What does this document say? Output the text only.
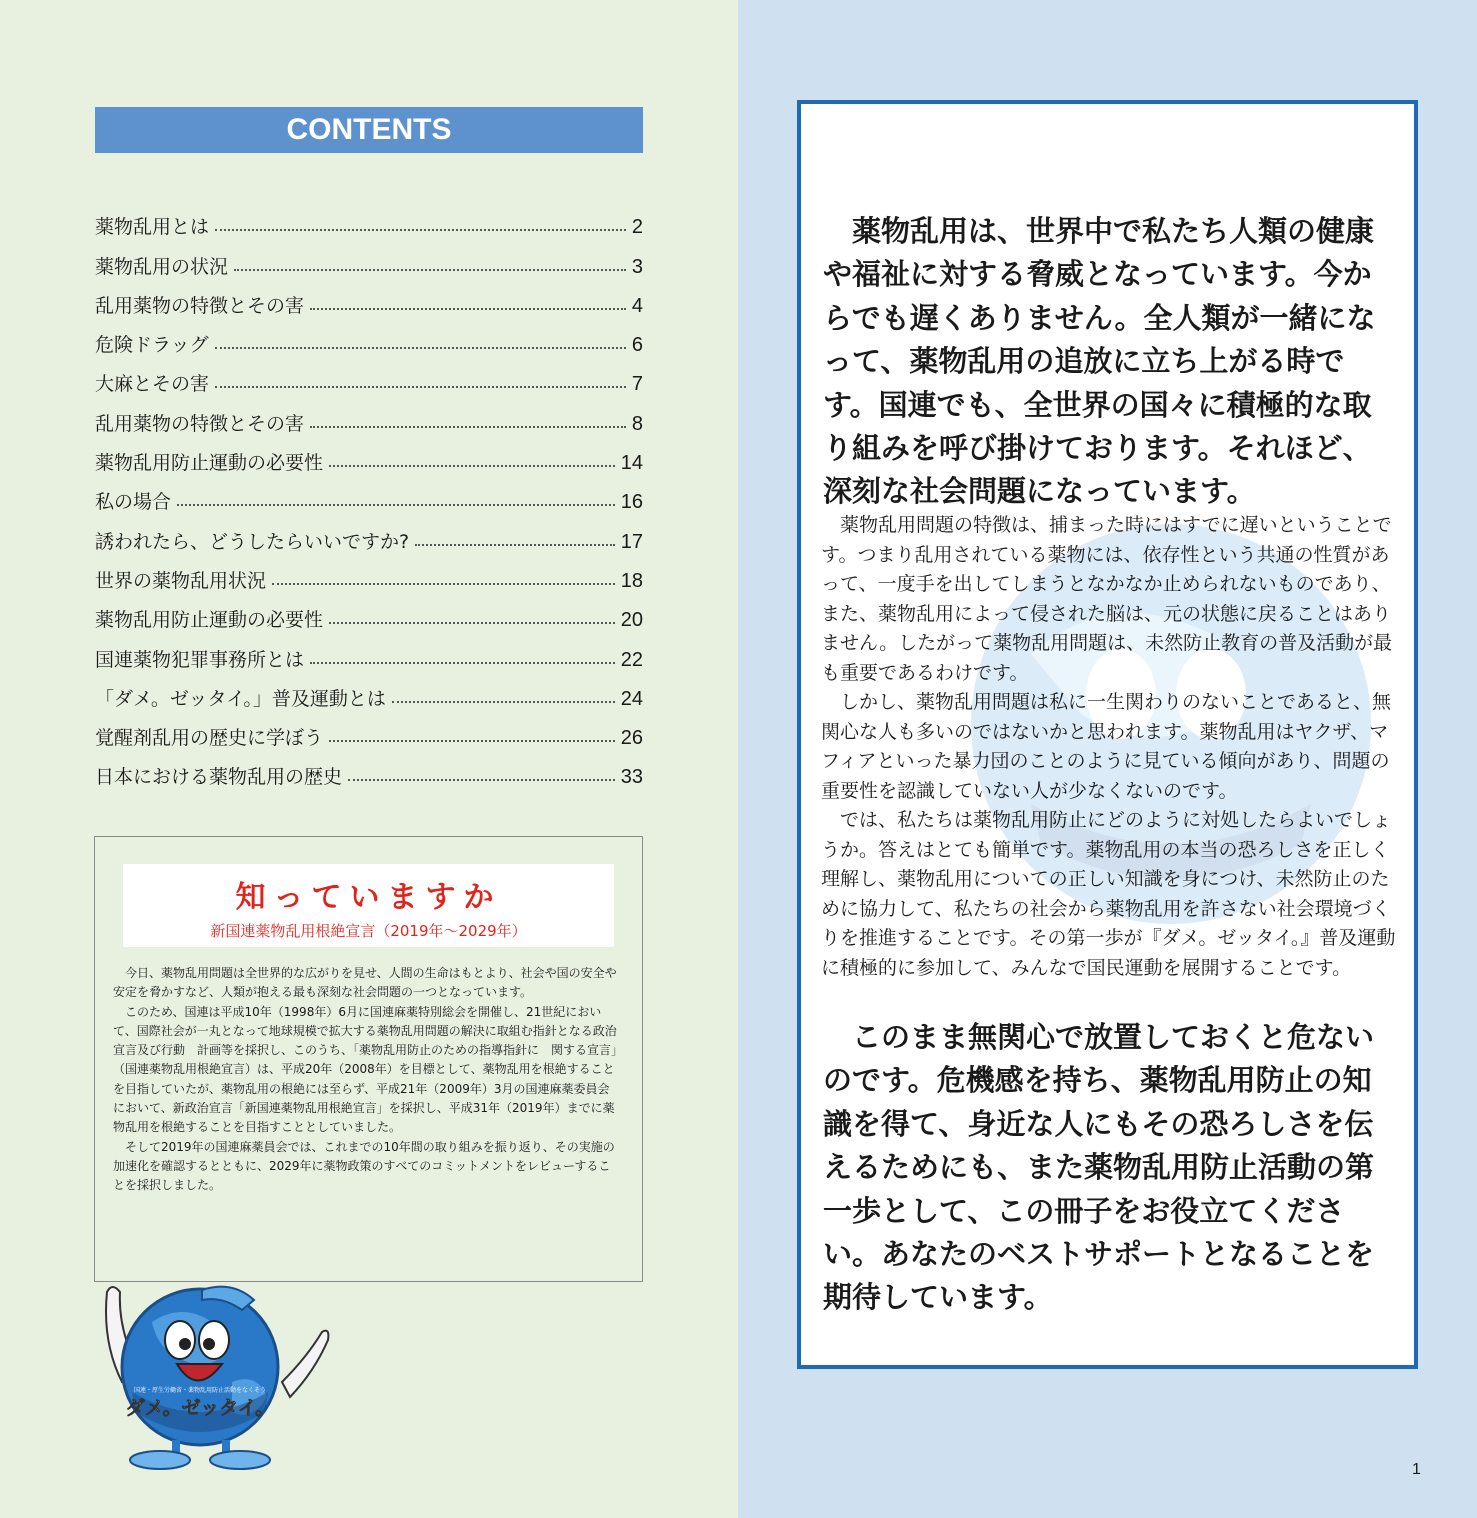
CONTENTS
薬物乱用とは	2
薬物乱用の状況	3
乱用薬物の特徴とその害	4
危険ドラッグ	6
大麻とその害	7
乱用薬物の特徴とその害	8
薬物乱用防止運動の必要性	14
私の場合	16
誘われたら、どうしたらいいですか?	17
世界の薬物乱用状況	18
薬物乱用防止運動の必要性	20
国連薬物犯罪事務所とは	22
「ダメ。ゼッタイ。」普及運動とは	24
覚醒剤乱用の歴史に学ぼう	26
日本における薬物乱用の歴史	33
知っていますか
新国連薬物乱用根絶宣言（2019年～2029年）

今日、薬物乱用問題は全世界的な広がりを見せ、人間の生命はもとより、社会や国の安全や安定を脅かすなど、人類が抱える最も深刻な社会問題の一つとなっています。

このため、国連は平成10年（1998年）6月に国連麻薬特別総会を開催し、21世紀において、国際社会が一丸となって地球規模で拡大する薬物乱用問題の解決に取組む指針となる政治宣言及び行動　計画等を採択し、このうち、「薬物乱用防止のための指導指針に　関する宣言」（国連薬物乱用根絶宣言）は、平成20年（2008年）を目標として、薬物乱用を根絶することを目指していたが、薬物乱用の根絶には至らず、平成21年（2009年）3月の国連麻薬委員会において、新政治宣言「新国連薬物乱用根絶宣言」を採択し、平成31年（2019年）までに薬物乱用を根絶することを目指すこととしていました。

そして2019年の国連麻薬員会では、これまでの10年間の取り組みを振り返り、その実施の加速化を確認するとともに、2029年に薬物政策のすべてのコミットメントをレビューすることを採択しました。

ダメ。ゼッタイ。
国連・厚生労働省・薬物乱用防止活動をなくそう

薬物乱用は、世界中で私たち人類の健康や福祉に対する脅威となっています。今からでも遅くありません。全人類が一緒になって、薬物乱用の追放に立ち上がる時です。国連でも、全世界の国々に積極的な取り組みを呼び掛けております。それほど、深刻な社会問題になっています。

薬物乱用問題の特徴は、捕まった時にはすでに遅いということです。つまり乱用されている薬物には、依存性という共通の性質があって、一度手を出してしまうとなかなか止められないものであり、また、薬物乱用によって侵された脳は、元の状態に戻ることはありません。したがって薬物乱用問題は、未然防止教育の普及活動が最も重要であるわけです。

しかし、薬物乱用問題は私に一生関わりのないことであると、無関心な人も多いのではないかと思われます。薬物乱用はヤクザ、マフィアといった暴力団のことのように見ている傾向があり、問題の重要性を認識していない人が少なくないのです。

では、私たちは薬物乱用防止にどのように対処したらよいでしょうか。答えはとても簡単です。薬物乱用の本当の恐ろしさを正しく理解し、薬物乱用についての正しい知識を身につけ、未然防止のために協力して、私たちの社会から薬物乱用を許さない社会環境づくりを推進することです。その第一歩が『ダメ。ゼッタイ。』普及運動に積極的に参加して、みんなで国民運動を展開することです。

このまま無関心で放置しておくと危ないのです。危機感を持ち、薬物乱用防止の知識を得て、身近な人にもその恐ろしさを伝えるためにも、また薬物乱用防止活動の第一歩として、この冊子をお役立てください。あなたのベストサポートとなることを期待しています。

1
